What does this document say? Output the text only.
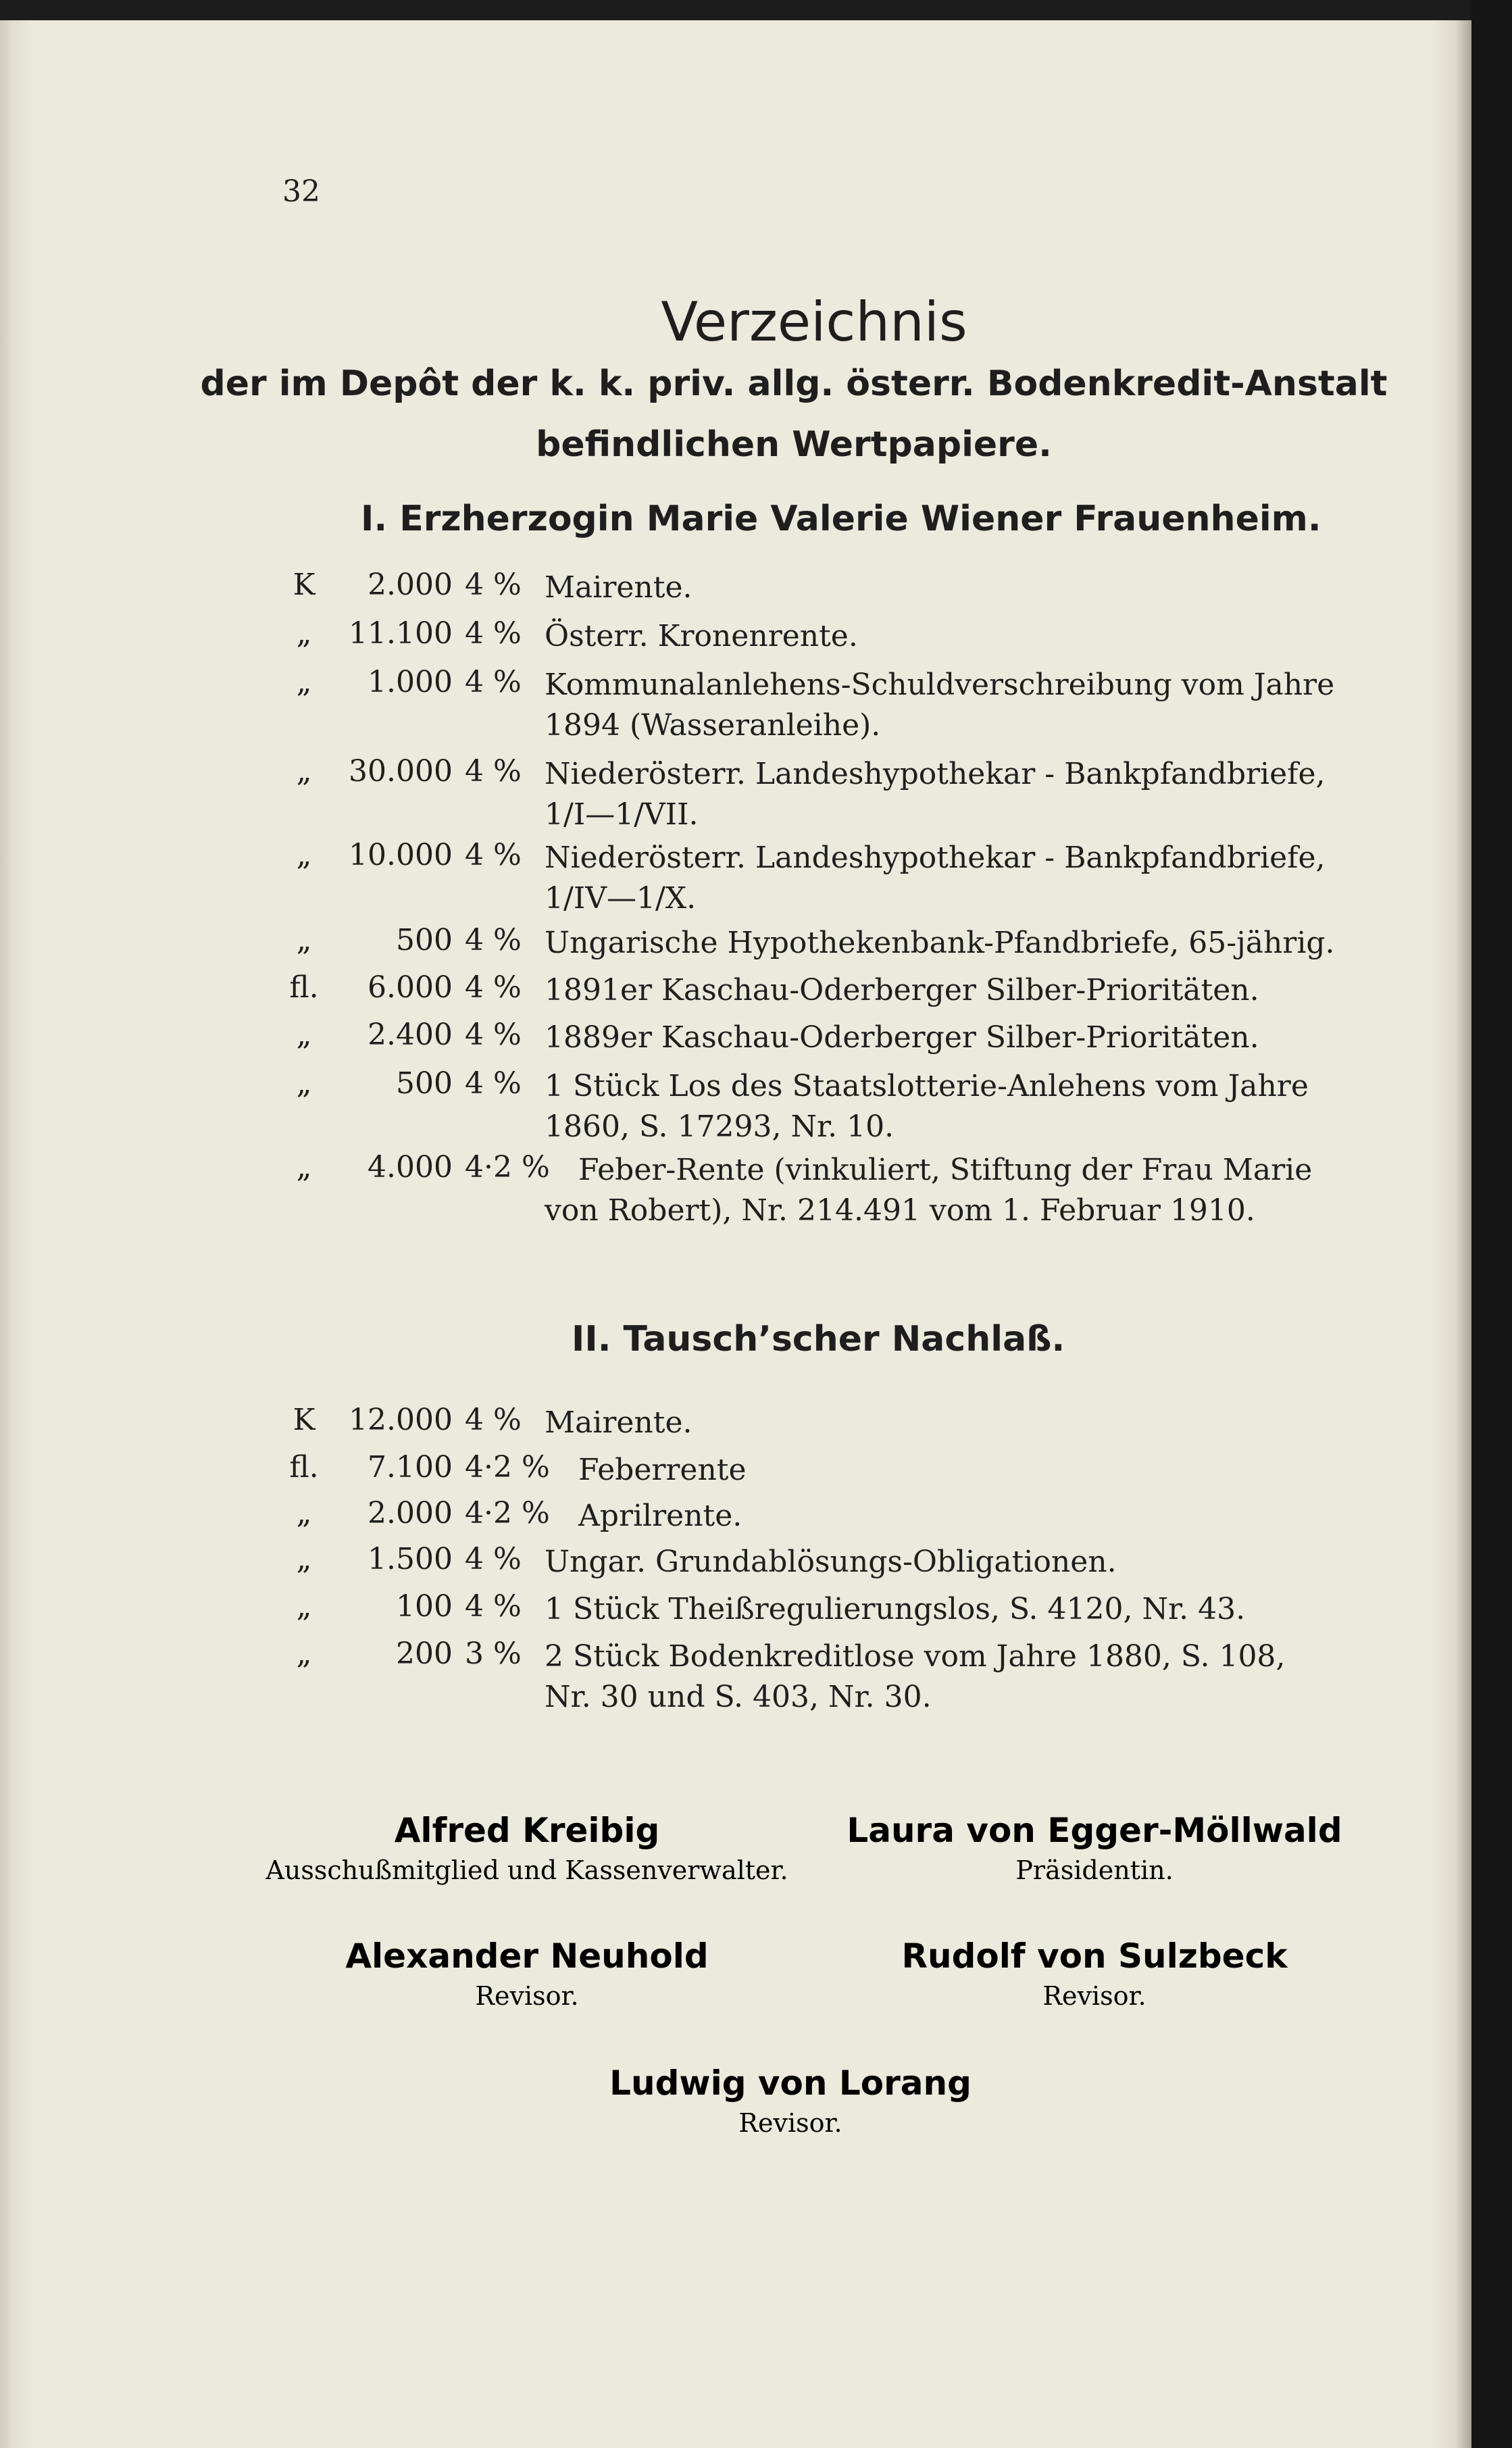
32
Verzeichnis
der im Depôt der k. k. priv. allg. österr. Bodenkredit-Anstalt
befindlichen Wertpapiere.
I. Erzherzogin Marie Valerie Wiener Frauenheim.
K	2.000 4 % Mairente.
„	11.100 4 % Österr. Kronenrente.
„	1.000 4 % Kommunalanlehens-Schuldverschreibung vom Jahre
1894 (Wasseranleihe).
„	30.000 4 % Niederösterr. Landeshypothekar - Bankpfandbriefe,
1/I—1/VII.
„	10.000 4 % Niederösterr. Landeshypothekar - Bankpfandbriefe,
1/IV—1/X.
„	500 4 % Ungarische Hypothekenbank-Pfandbriefe, 65-jährig.
fl.	6.000 4 % 1891er Kaschau-Oderberger Silber-Prioritäten.
„	2.400 4 % 1889er Kaschau-Oderberger Silber-Prioritäten.
„	500 4 % 1 Stück Los des Staatslotterie-Anlehens vom Jahre
1860, S. 17293, Nr. 10.
„	4.000 4·2 % Feber-Rente (vinkuliert, Stiftung der Frau Marie
von Robert), Nr. 214.491 vom 1. Februar 1910.
II. Tausch’scher Nachlaß.
K	12.000 4 % Mairente.
fl.	7.100 4·2 % Feberrente
„	2.000 4·2 % Aprilrente.
„	1.500 4 % Ungar. Grundablösungs-Obligationen.
„	100 4 % 1 Stück Theißregulierungslos, S. 4120, Nr. 43.
„	200 3 % 2 Stück Bodenkreditlose vom Jahre 1880, S. 108,
Nr. 30 und S. 403, Nr. 30.
Alfred Kreibig
Ausschußmitglied und Kassenverwalter.
Laura von Egger-Möllwald
Präsidentin.
Alexander Neuhold
Revisor.
Rudolf von Sulzbeck
Revisor.
Ludwig von Lorang
Revisor.
